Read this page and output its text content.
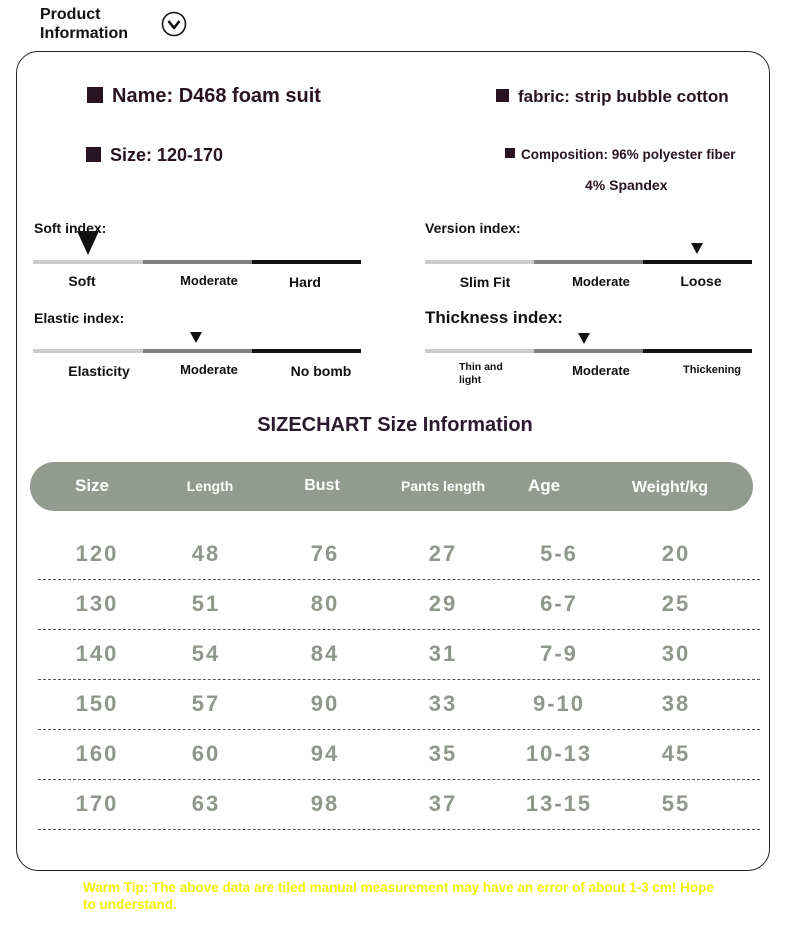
Product
Information
Name: D468 foam suit	fabric: strip bubble cotton
Size: 120-170	Composition: 96% polyester fiber
4% Spandex
Soft index:
Soft	Moderate	Hard
Version index:
Slim Fit	Moderate	Loose
Elastic index:
Elasticity	Moderate	No bomb
Thickness index:
Thin and
light
Moderate	Thickening
SIZECHART Size Information
Size	Length	Bust	Pants length	Age	Weight/kg
120	48	76	27	5-6	20
130	51	80	29	6-7	25
140	54	84	31	7-9	30
150	57	90	33	9-10	38
160	60	94	35	10-13	45
170	63	98	37	13-15	55
Warm Tip: The above data are tiled manual measurement may have an error of about 1-3 cm! Hope to understand.
